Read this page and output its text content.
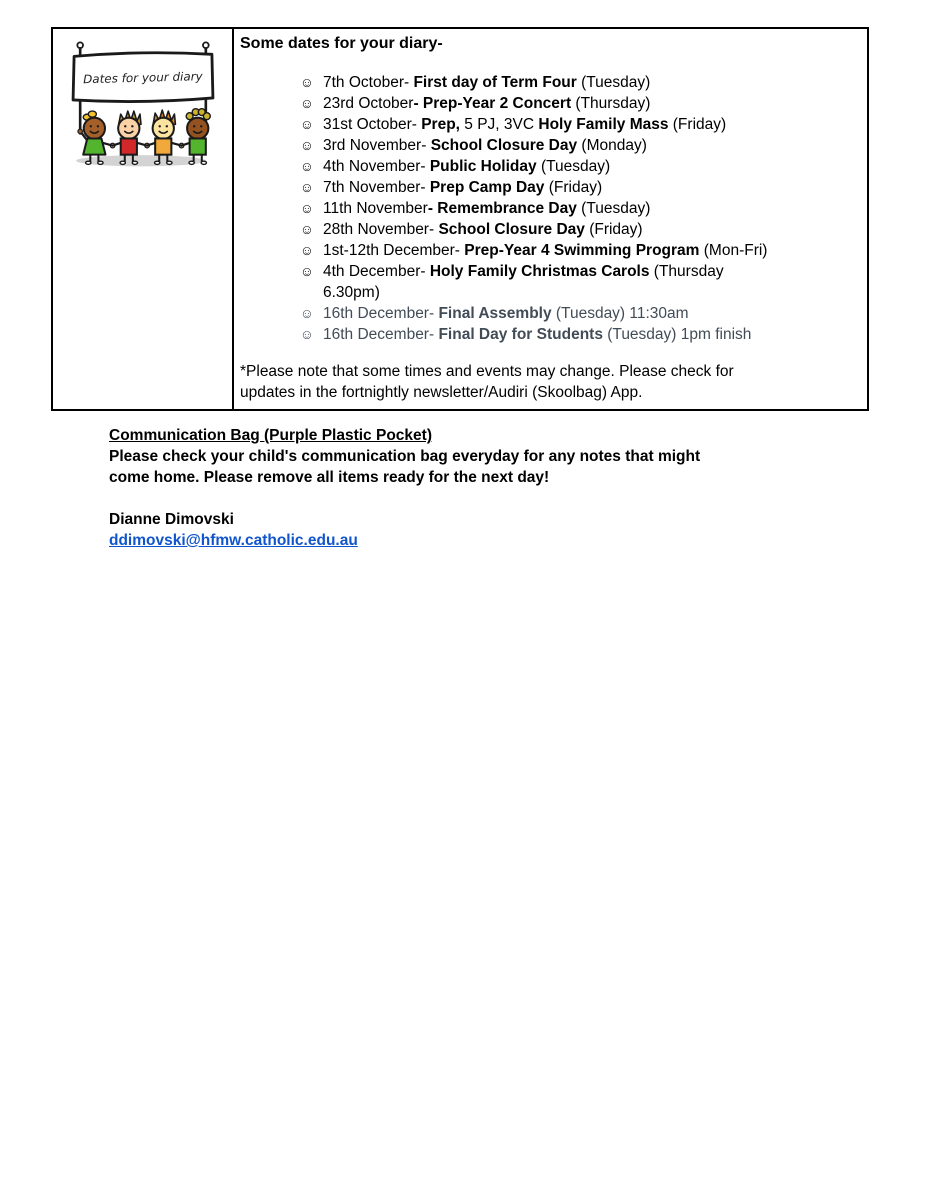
Dates for your diary
Some dates for your diary-
☺ 7th October- First day of Term Four (Tuesday)
☺ 23rd October- Prep-Year 2 Concert (Thursday)
☺ 31st October- Prep, 5 PJ, 3VC Holy Family Mass (Friday)
☺ 3rd November- School Closure Day (Monday)
☺ 4th November- Public Holiday (Tuesday)
☺ 7th November- Prep Camp Day (Friday)
☺ 11th November- Remembrance Day (Tuesday)
☺ 28th November- School Closure Day (Friday)
☺ 1st-12th December- Prep-Year 4 Swimming Program (Mon-Fri)
☺ 4th December- Holy Family Christmas Carols (Thursday
6.30pm)
☺ 16th December- Final Assembly (Tuesday) 11:30am
☺ 16th December- Final Day for Students (Tuesday) 1pm finish
*Please note that some times and events may change. Please check for
updates in the fortnightly newsletter/Audiri (Skoolbag) App.
Communication Bag (Purple Plastic Pocket)
Please check your child's communication bag everyday for any notes that might
come home. Please remove all items ready for the next day!
Dianne Dimovski
ddimovski@hfmw.catholic.edu.au
